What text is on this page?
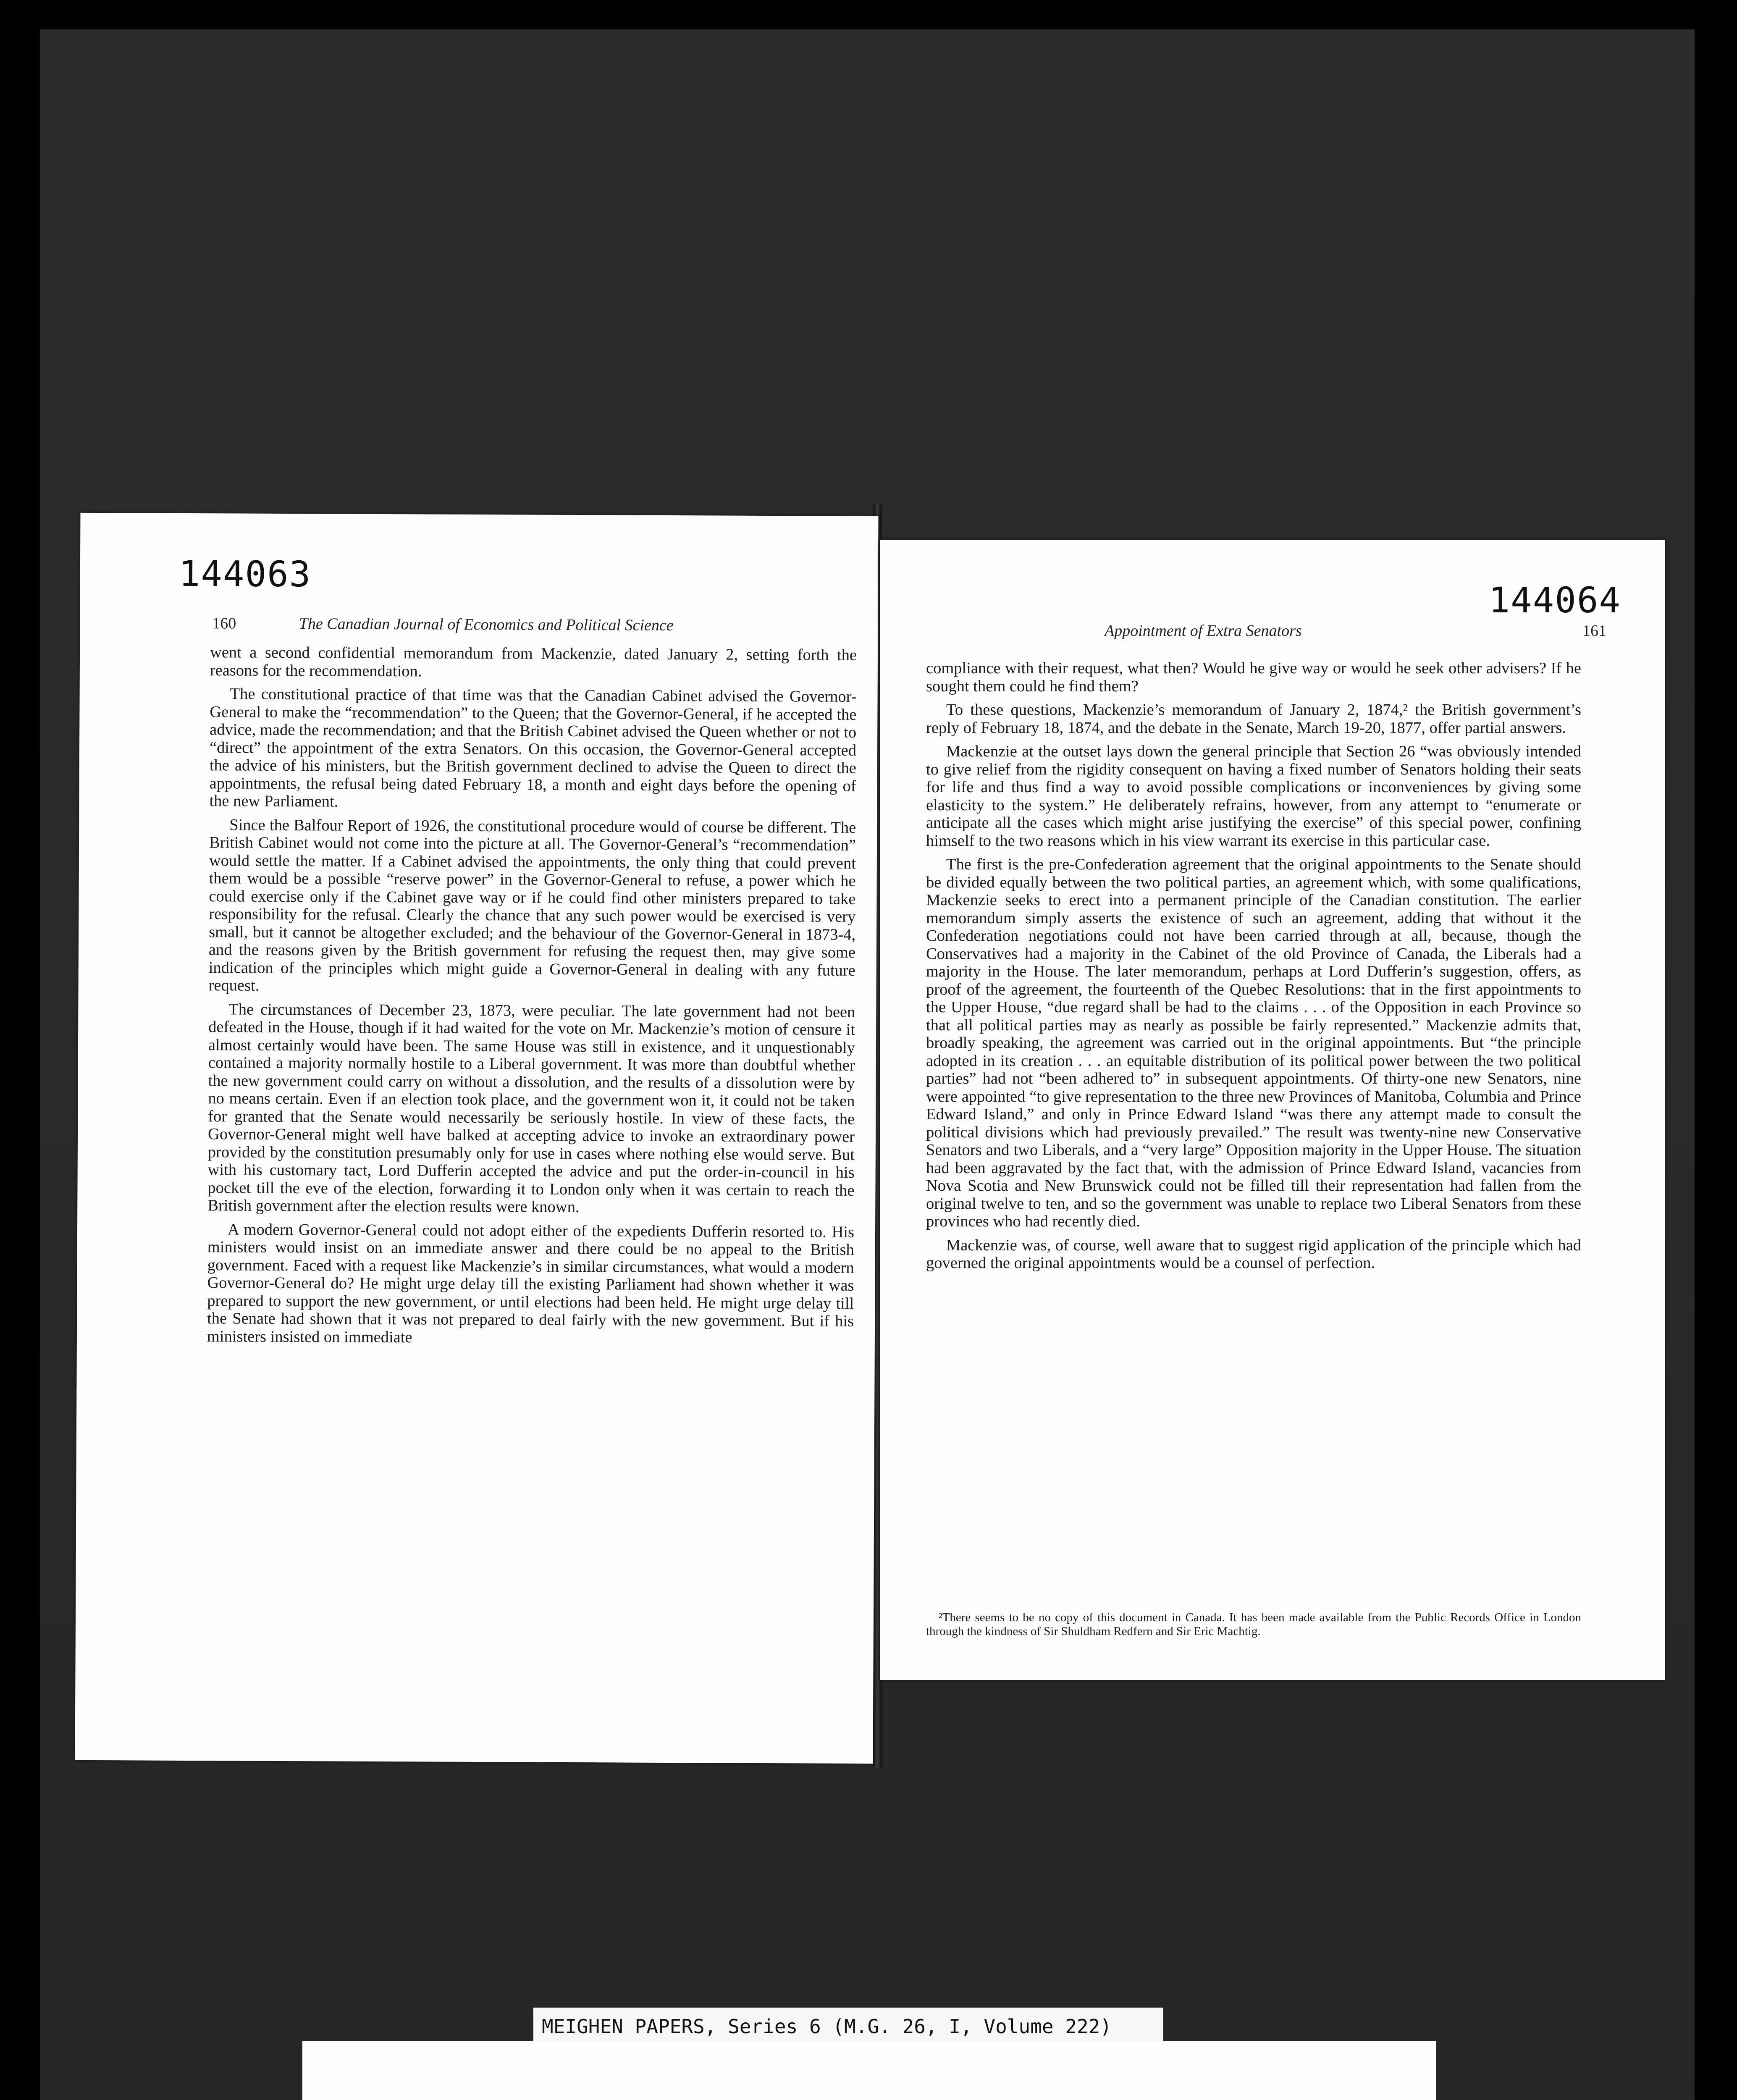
144063
160	The Canadian Journal of Economics and Political Science

went a second confidential memorandum from Mackenzie, dated January 2, setting forth the reasons for the recommendation.

The constitutional practice of that time was that the Canadian Cabinet advised the Governor-General to make the “recommendation” to the Queen; that the Governor-General, if he accepted the advice, made the recommendation; and that the British Cabinet advised the Queen whether or not to “direct” the appointment of the extra Senators. On this occasion, the Governor-General accepted the advice of his ministers, but the British government declined to advise the Queen to direct the appointments, the refusal being dated February 18, a month and eight days before the opening of the new Parliament.

Since the Balfour Report of 1926, the constitutional procedure would of course be different. The British Cabinet would not come into the picture at all. The Governor-General’s “recommendation” would settle the matter. If a Cabinet advised the appointments, the only thing that could prevent them would be a possible “reserve power” in the Governor-General to refuse, a power which he could exercise only if the Cabinet gave way or if he could find other ministers prepared to take responsibility for the refusal. Clearly the chance that any such power would be exercised is very small, but it cannot be altogether excluded; and the behaviour of the Governor-General in 1873-4, and the reasons given by the British government for refusing the request then, may give some indication of the principles which might guide a Governor-General in dealing with any future request.

The circumstances of December 23, 1873, were peculiar. The late government had not been defeated in the House, though if it had waited for the vote on Mr. Mackenzie’s motion of censure it almost certainly would have been. The same House was still in existence, and it unquestionably contained a majority normally hostile to a Liberal government. It was more than doubtful whether the new government could carry on without a dissolution, and the results of a dissolution were by no means certain. Even if an election took place, and the government won it, it could not be taken for granted that the Senate would necessarily be seriously hostile. In view of these facts, the Governor-General might well have balked at accepting advice to invoke an extraordinary power provided by the constitution presumably only for use in cases where nothing else would serve. But with his customary tact, Lord Dufferin accepted the advice and put the order-in-council in his pocket till the eve of the election, forwarding it to London only when it was certain to reach the British government after the election results were known.

A modern Governor-General could not adopt either of the expedients Dufferin resorted to. His ministers would insist on an immediate answer and there could be no appeal to the British government. Faced with a request like Mackenzie’s in similar circumstances, what would a modern Governor-General do? He might urge delay till the existing Parliament had shown whether it was prepared to support the new government, or until elections had been held. He might urge delay till the Senate had shown that it was not prepared to deal fairly with the new government. But if his ministers insisted on immediate

144064
Appointment of Extra Senators	161

compliance with their request, what then? Would he give way or would he seek other advisers? If he sought them could he find them?

To these questions, Mackenzie’s memorandum of January 2, 1874,² the British government’s reply of February 18, 1874, and the debate in the Senate, March 19-20, 1877, offer partial answers.

Mackenzie at the outset lays down the general principle that Section 26 “was obviously intended to give relief from the rigidity consequent on having a fixed number of Senators holding their seats for life and thus find a way to avoid possible complications or inconveniences by giving some elasticity to the system.” He deliberately refrains, however, from any attempt to “enumerate or anticipate all the cases which might arise justifying the exercise” of this special power, confining himself to the two reasons which in his view warrant its exercise in this particular case.

The first is the pre-Confederation agreement that the original appointments to the Senate should be divided equally between the two political parties, an agreement which, with some qualifications, Mackenzie seeks to erect into a permanent principle of the Canadian constitution. The earlier memorandum simply asserts the existence of such an agreement, adding that without it the Confederation negotiations could not have been carried through at all, because, though the Conservatives had a majority in the Cabinet of the old Province of Canada, the Liberals had a majority in the House. The later memorandum, perhaps at Lord Dufferin’s suggestion, offers, as proof of the agreement, the fourteenth of the Quebec Resolutions: that in the first appointments to the Upper House, “due regard shall be had to the claims . . . of the Opposition in each Province so that all political parties may as nearly as possible be fairly represented.” Mackenzie admits that, broadly speaking, the agreement was carried out in the original appointments. But “the principle adopted in its creation . . . an equitable distribution of its political power between the two political parties” had not “been adhered to” in subsequent appointments. Of thirty-one new Senators, nine were appointed “to give representation to the three new Provinces of Manitoba, Columbia and Prince Edward Island,” and only in Prince Edward Island “was there any attempt made to consult the political divisions which had previously prevailed.” The result was twenty-nine new Conservative Senators and two Liberals, and a “very large” Opposition majority in the Upper House. The situation had been aggravated by the fact that, with the admission of Prince Edward Island, vacancies from Nova Scotia and New Brunswick could not be filled till their representation had fallen from the original twelve to ten, and so the government was unable to replace two Liberal Senators from these provinces who had recently died.

Mackenzie was, of course, well aware that to suggest rigid application of the principle which had governed the original appointments would be a counsel of perfection.

²There seems to be no copy of this document in Canada. It has been made available from the Public Records Office in London through the kindness of Sir Shuldham Redfern and Sir Eric Machtig.

MEIGHEN PAPERS, Series 6 (M.G. 26, I, Volume 222)
